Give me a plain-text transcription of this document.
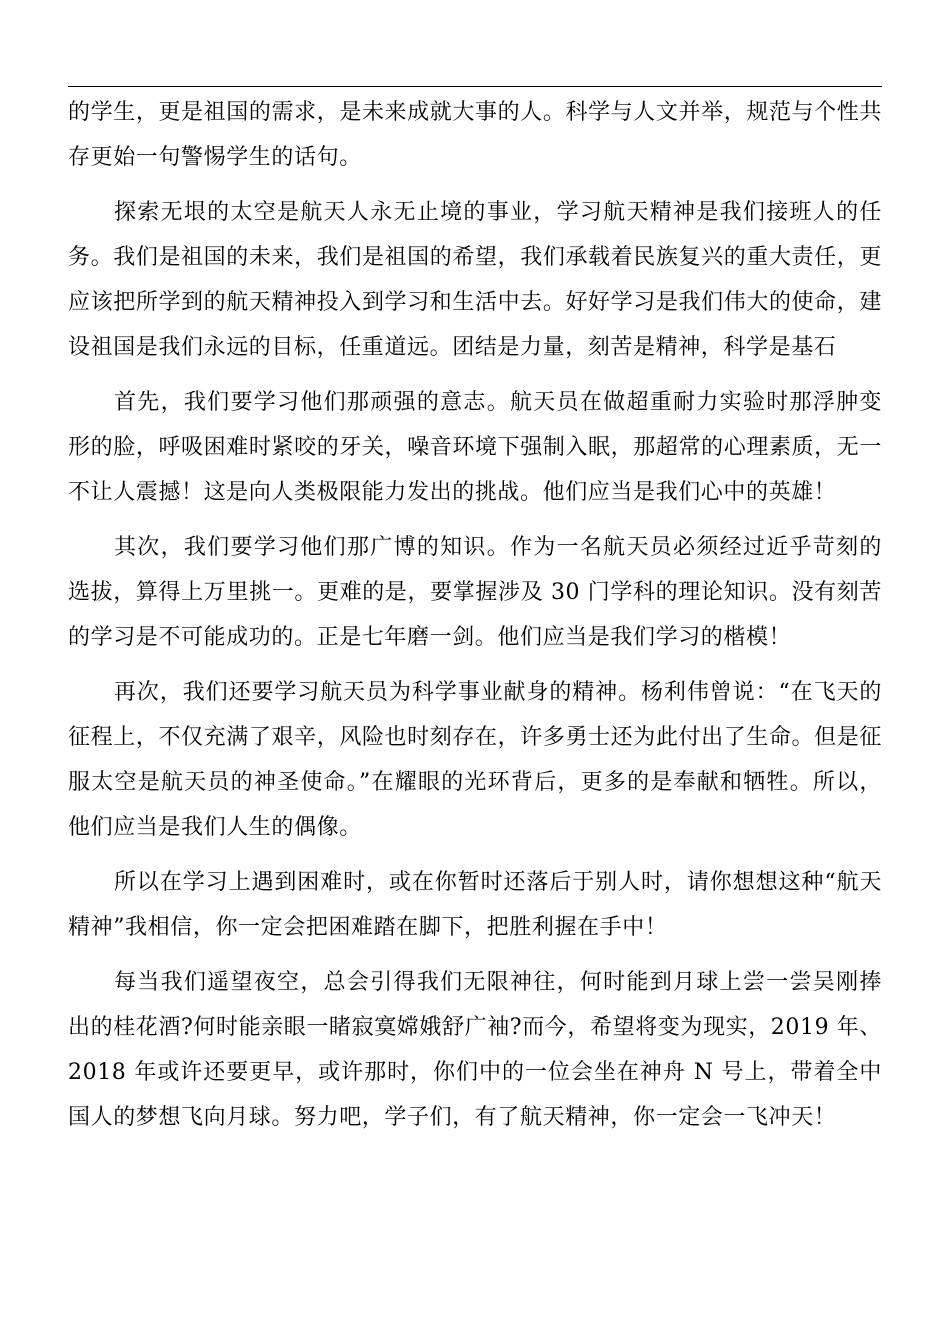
的学生，更是祖国的需求，是未来成就大事的人。科学与人文并举，规范与个性共存更始一句警惕学生的话句。

探索无垠的太空是航天人永无止境的事业，学习航天精神是我们接班人的任务。我们是祖国的未来，我们是祖国的希望，我们承载着民族复兴的重大责任，更应该把所学到的航天精神投入到学习和生活中去。好好学习是我们伟大的使命，建设祖国是我们永远的目标，任重道远。团结是力量，刻苦是精神，科学是基石

首先，我们要学习他们那顽强的意志。航天员在做超重耐力实验时那浮肿变形的脸，呼吸困难时紧咬的牙关，噪音环境下强制入眠，那超常的心理素质，无一不让人震撼！这是向人类极限能力发出的挑战。他们应当是我们心中的英雄！

其次，我们要学习他们那广博的知识。作为一名航天员必须经过近乎苛刻的选拔，算得上万里挑一。更难的是，要掌握涉及 30 门学科的理论知识。没有刻苦的学习是不可能成功的。正是七年磨一剑。他们应当是我们学习的楷模！

再次，我们还要学习航天员为科学事业献身的精神。杨利伟曾说：“在飞天的征程上，不仅充满了艰辛，风险也时刻存在，许多勇士还为此付出了生命。但是征服太空是航天员的神圣使命。”在耀眼的光环背后，更多的是奉献和牺牲。所以，他们应当是我们人生的偶像。

所以在学习上遇到困难时，或在你暂时还落后于别人时，请你想想这种“航天精神”我相信，你一定会把困难踏在脚下，把胜利握在手中！

每当我们遥望夜空，总会引得我们无限神往，何时能到月球上尝一尝吴刚捧出的桂花酒?何时能亲眼一睹寂寞嫦娥舒广袖?而今，希望将变为现实，2019 年、2018 年或许还要更早，或许那时，你们中的一位会坐在神舟 N 号上，带着全中国人的梦想飞向月球。努力吧，学子们，有了航天精神，你一定会一飞冲天！
